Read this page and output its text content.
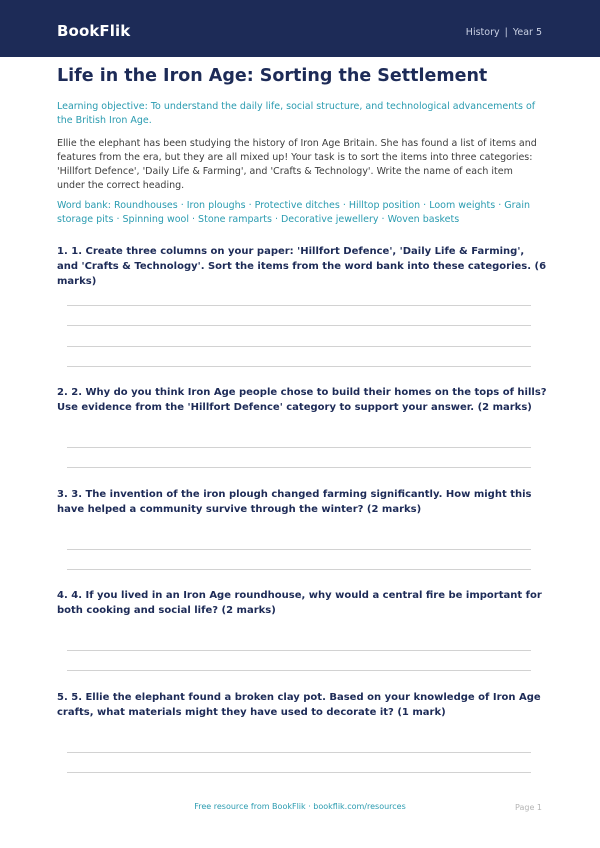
BookFlik	History | Year 5
Life in the Iron Age: Sorting the Settlement

Learning objective: To understand the daily life, social structure, and technological advancements of the British Iron Age.

Ellie the elephant has been studying the history of Iron Age Britain. She has found a list of items and features from the era, but they are all mixed up! Your task is to sort the items into three categories: 'Hillfort Defence', 'Daily Life & Farming', and 'Crafts & Technology'. Write the name of each item under the correct heading.

Word bank: Roundhouses · Iron ploughs · Protective ditches · Hilltop position · Loom weights · Grain storage pits · Spinning wool · Stone ramparts · Decorative jewellery · Woven baskets

1. 1. Create three columns on your paper: 'Hillfort Defence', 'Daily Life & Farming', and 'Crafts & Technology'. Sort the items from the word bank into these categories. (6 marks)

2. 2. Why do you think Iron Age people chose to build their homes on the tops of hills? Use evidence from the 'Hillfort Defence' category to support your answer. (2 marks)

3. 3. The invention of the iron plough changed farming significantly. How might this have helped a community survive through the winter? (2 marks)

4. 4. If you lived in an Iron Age roundhouse, why would a central fire be important for both cooking and social life? (2 marks)

5. 5. Ellie the elephant found a broken clay pot. Based on your knowledge of Iron Age crafts, what materials might they have used to decorate it? (1 mark)

Free resource from BookFlik · bookflik.com/resources	Page 1
